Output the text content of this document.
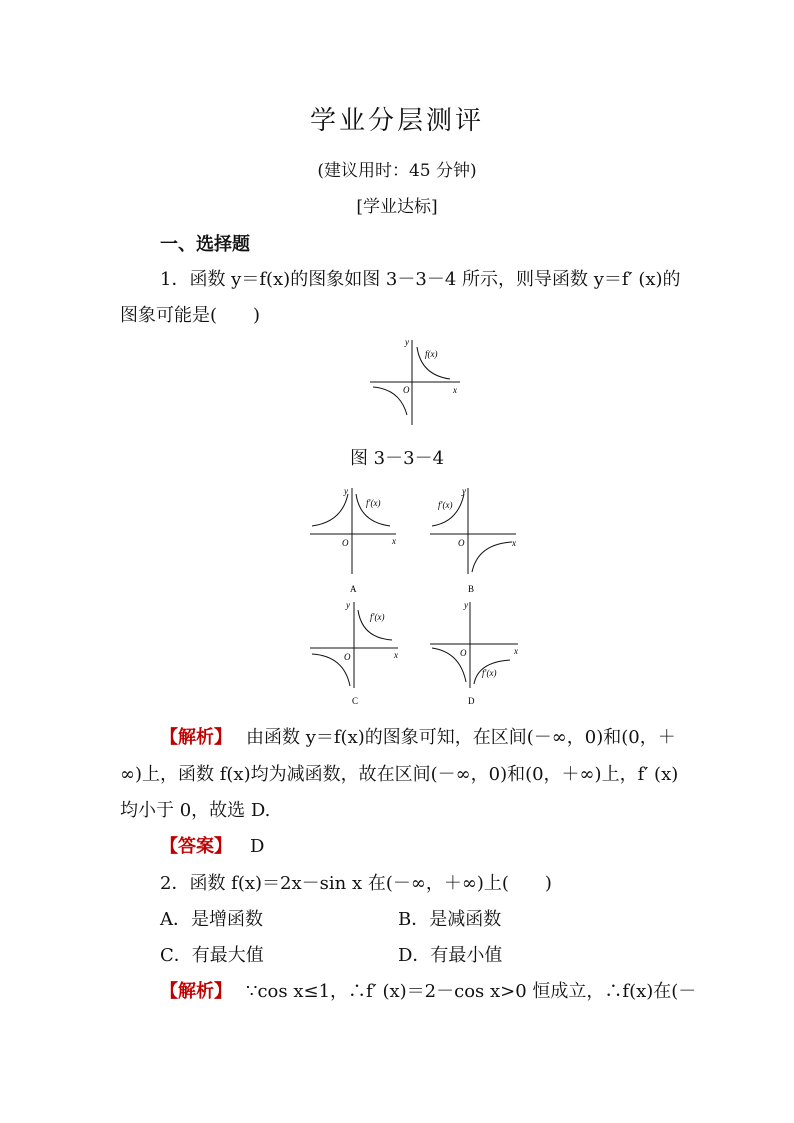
学业分层测评
(建议用时：45 分钟)
[学业达标]
一、选择题
1．函数 y＝f(x)的图象如图 3－3－4 所示，则导函数 y＝f′ (x)的
图象可能是(　　)
f(x)
O	x
y
图 3－3－4
f′(x)
O	x
y
A
f′(x)
O	x
y
B
f′(x)
O	x
y
C
f′(x)
O	x
y
D
【解析】 由函数 y＝f(x)的图象可知，在区间(－∞，0)和(0，＋
∞)上，函数 f(x)均为减函数，故在区间(－∞，0)和(0，＋∞)上，f′ (x)
均小于 0，故选 D.
【答案】 D
2．函数 f(x)＝2x－sin x 在(－∞，＋∞)上(　　)
A．是增函数	B．是减函数
C．有最大值	D．有最小值
【解析】 ∵cos x≤1，∴f′ (x)＝2－cos x>0 恒成立，∴f(x)在(－
